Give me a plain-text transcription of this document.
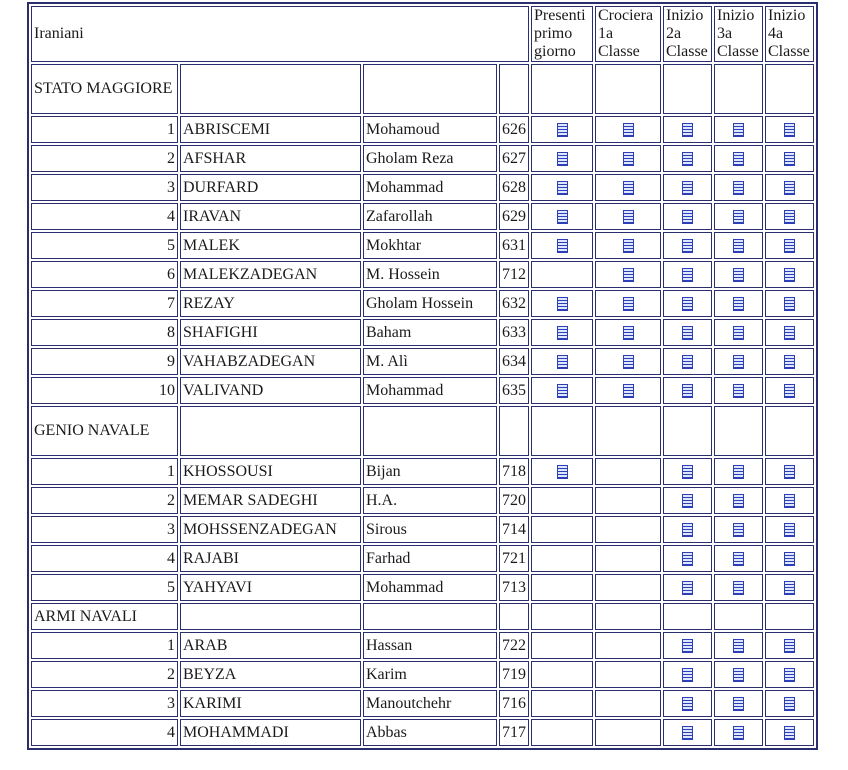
Iraniani				Presenti
primo
giorno	Crociera
1a
Classe	Inizio
2a
Classe	Inizio
3a
Classe	Inizio
4a
Classe
STATO MAGGIORE								
1	ABRISCEMI	Mohamoud	626					
2	AFSHAR	Gholam Reza	627					
3	DURFARD	Mohammad	628					
4	IRAVAN	Zafarollah	629					
5	MALEK	Mokhtar	631					
6	MALEKZADEGAN	M. Hossein	712					
7	REZAY	Gholam Hossein	632					
8	SHAFIGHI	Baham	633					
9	VAHABZADEGAN	M. Alì	634					
10	VALIVAND	Mohammad	635					
GENIO NAVALE								
1	KHOSSOUSI	Bijan	718					
2	MEMAR SADEGHI	H.A.	720					
3	MOHSSENZADEGAN	Sirous	714					
4	RAJABI	Farhad	721					
5	YAHYAVI	Mohammad	713					
ARMI NAVALI								
1	ARAB	Hassan	722					
2	BEYZA	Karim	719					
3	KARIMI	Manoutchehr	716					
4	MOHAMMADI	Abbas	717					
